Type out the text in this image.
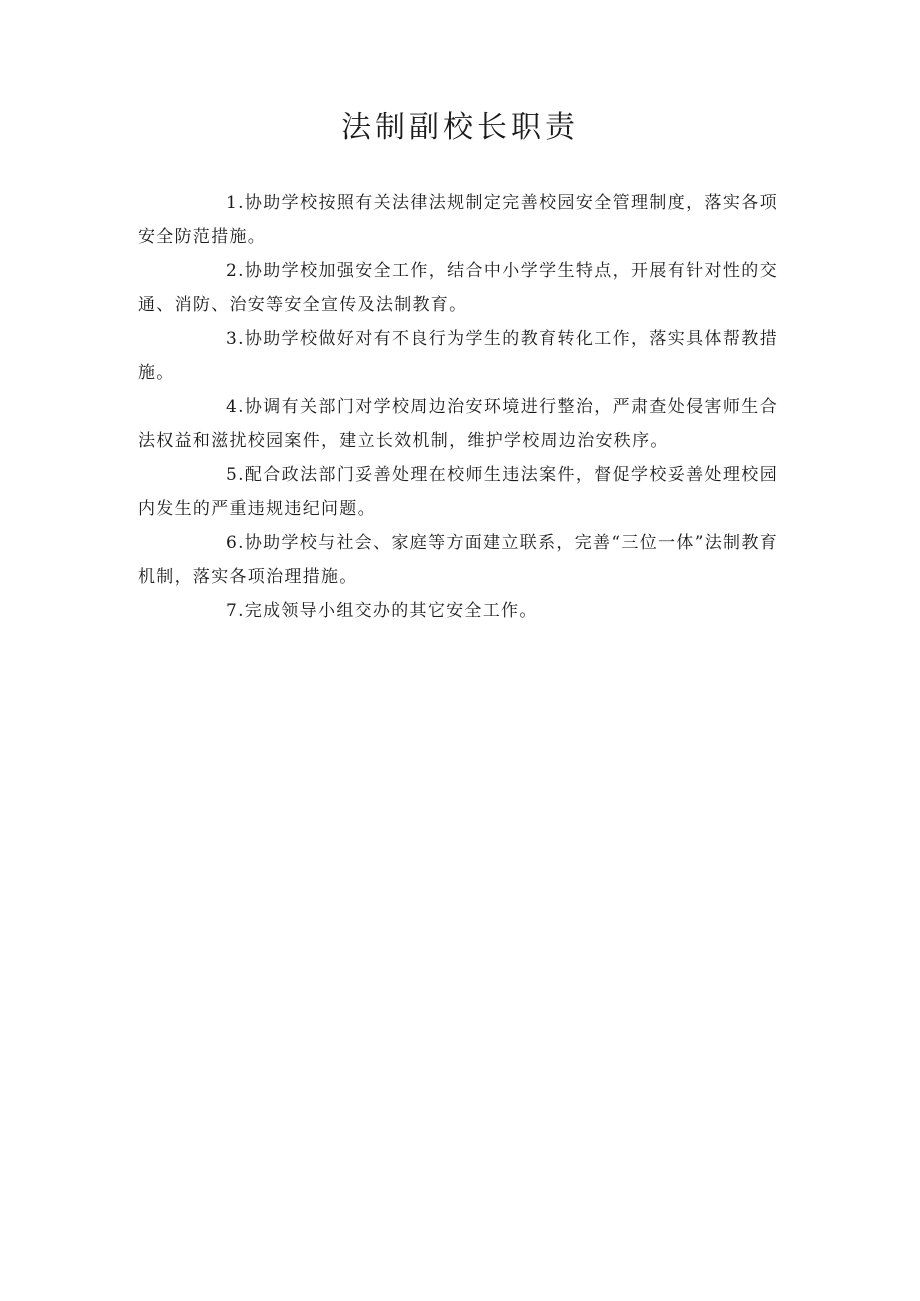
法制副校长职责

1.协助学校按照有关法律法规制定完善校园安全管理制度，落实各项安全防范措施。

2.协助学校加强安全工作，结合中小学学生特点，开展有针对性的交通、消防、治安等安全宣传及法制教育。

3.协助学校做好对有不良行为学生的教育转化工作，落实具体帮教措施。

4.协调有关部门对学校周边治安环境进行整治，严肃查处侵害师生合法权益和滋扰校园案件，建立长效机制，维护学校周边治安秩序。

5.配合政法部门妥善处理在校师生违法案件，督促学校妥善处理校园内发生的严重违规违纪问题。

6.协助学校与社会、家庭等方面建立联系，完善“三位一体”法制教育机制，落实各项治理措施。

7.完成领导小组交办的其它安全工作。
